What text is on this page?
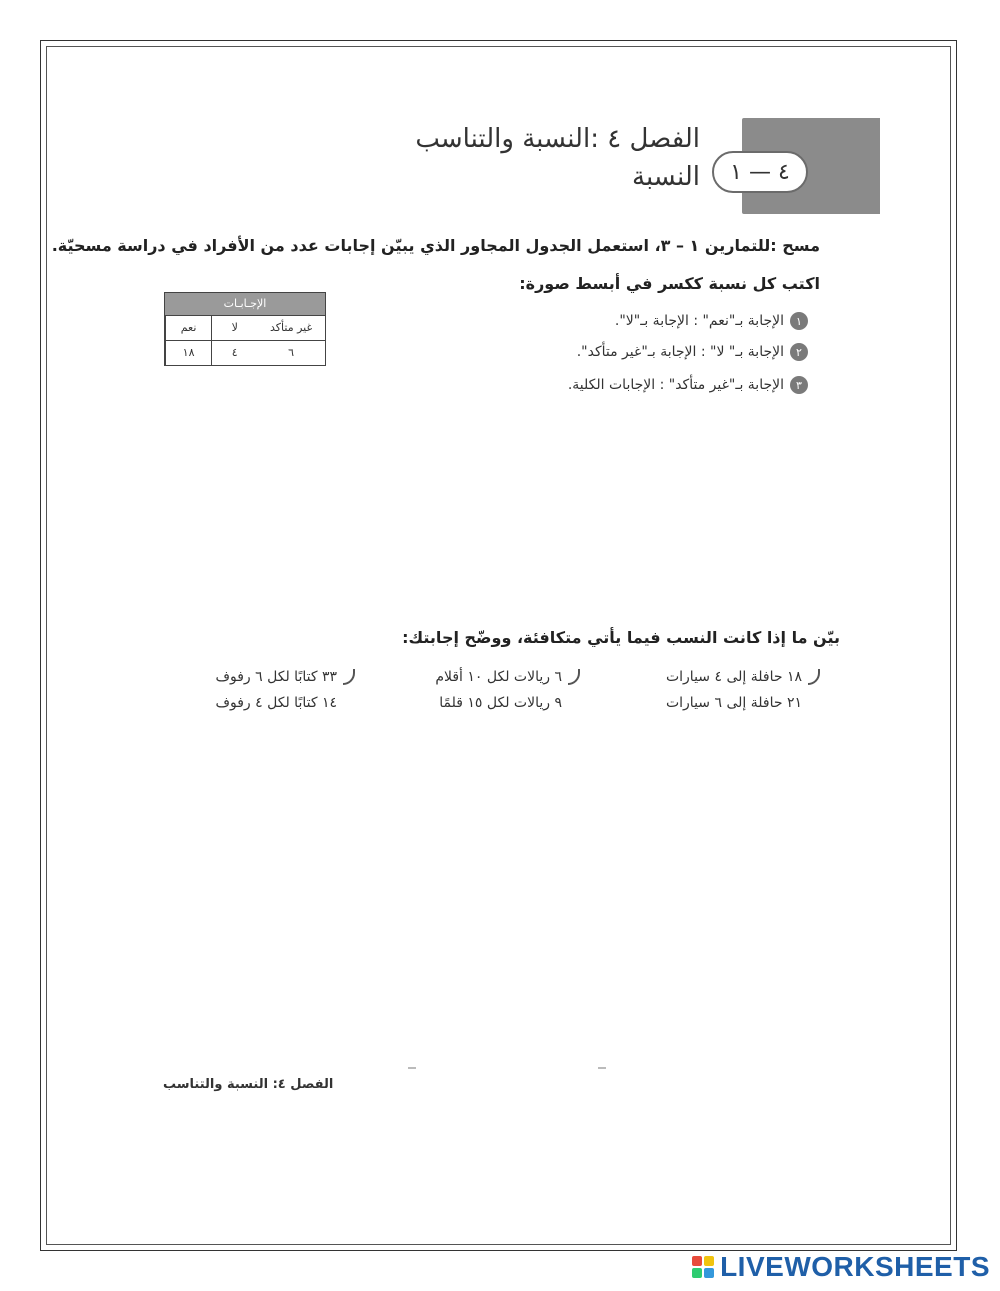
٤ — ١
الفصل ٤ :النسبة والتناسب
النسبة
مسح :للتمارين ١ – ٣، استعمل الجدول المجاور الذي يبيّن إجابات عدد من الأفراد في دراسة مسحيّة.
اكتب كل نسبة ككسر في أبسط صورة:
١
الإجابة بـ"نعم" : الإجابة بـ"لا".
٢
الإجابة بـ" لا" : الإجابة بـ"غير متأكد".
٣
الإجابة بـ"غير متأكد" : الإجابات الكلية.
الإجـابـات
نعم	لا	غير متأكد
١٨	٤	٦
بيّن ما إذا كانت النسب فيما يأتي متكافئة، ووضّح إجابتك:
١٨ حافلة إلى ٤ سيارات
٢١ حافلة إلى ٦ سيارات
٦ ريالات لكل ١٠ أقلام
٩ ريالات لكل ١٥ قلمًا
٣٣ كتابًا لكل ٦ رفوف
١٤ كتابًا لكل ٤ رفوف
الفصل ٤: النسبة والتناسب
LIVEWORKSHEETS
